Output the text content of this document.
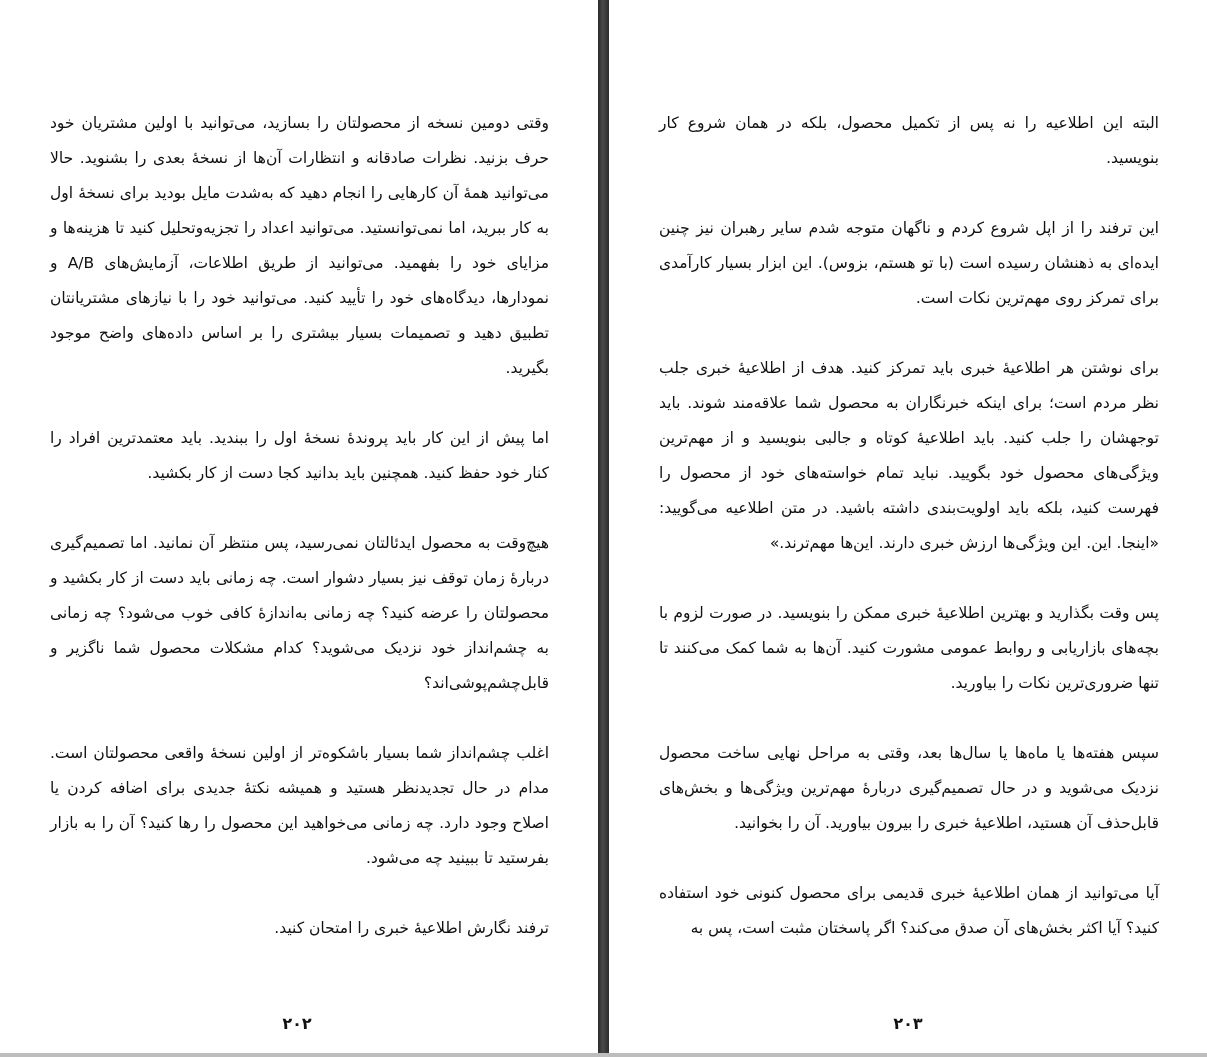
وقتی دومین نسخه از محصولتان را بسازید، می‌توانید با اولین مشتریان خود حرف بزنید. نظرات صادقانه و انتظارات آن‌ها از نسخهٔ بعدی را بشنوید. حالا می‌توانید همهٔ آن کارهایی را انجام دهید که به‌شدت مایل بودید برای نسخهٔ اول به کار ببرید، اما نمی‌توانستید. می‌توانید اعداد را تجزیه‌وتحلیل کنید تا هزینه‌ها و مزایای خود را بفهمید. می‌توانید از طریق اطلاعات، آزمایش‌های A/B و نمودارها، دیدگاه‌های خود را تأیید کنید. می‌توانید خود را با نیازهای مشتریانتان تطبیق دهید و تصمیمات بسیار بیشتری را بر اساس داده‌های واضح موجود بگیرید.

اما پیش از این کار باید پروندهٔ نسخهٔ اول را ببندید. باید معتمدترین افراد را کنار خود حفظ کنید. همچنین باید بدانید کجا دست از کار بکشید.

هیچ‌وقت به محصول ایدئالتان نمی‌رسید، پس منتظر آن نمانید. اما تصمیم‌گیری دربارهٔ زمان توقف نیز بسیار دشوار است. چه زمانی باید دست از کار بکشید و محصولتان را عرضه کنید؟ چه زمانی به‌اندازهٔ کافی خوب می‌شود؟ چه زمانی به چشم‌انداز خود نزدیک می‌شوید؟ کدام مشکلات محصول شما ناگزیر و قابل‌چشم‌پوشی‌اند؟

اغلب چشم‌انداز شما بسیار باشکوه‌تر از اولین نسخهٔ واقعی محصولتان است. مدام در حال تجدیدنظر هستید و همیشه نکتهٔ جدیدی برای اضافه کردن یا اصلاح وجود دارد. چه زمانی می‌خواهید این محصول را رها کنید؟ آن را به بازار بفرستید تا ببینید چه می‌شود.

ترفند نگارش اطلاعیهٔ خبری را امتحان کنید.

۲۰۲

البته این اطلاعیه را نه پس از تکمیل محصول، بلکه در همان شروع کار بنویسید.

این ترفند را از اپل شروع کردم و ناگهان متوجه شدم سایر رهبران نیز چنین ایده‌ای به ذهنشان رسیده است (با تو هستم، بزوس). این ابزار بسیار کارآمدی برای تمرکز روی مهم‌ترین نکات است.

برای نوشتن هر اطلاعیهٔ خبری باید تمرکز کنید. هدف از اطلاعیهٔ خبری جلب نظر مردم است؛ برای اینکه خبرنگاران به محصول شما علاقه‌مند شوند. باید توجهشان را جلب کنید. باید اطلاعیهٔ کوتاه و جالبی بنویسید و از مهم‌ترین ویژگی‌های محصول خود بگویید. نباید تمام خواسته‌های خود از محصول را فهرست کنید، بلکه باید اولویت‌بندی داشته باشید. در متن اطلاعیه می‌گویید: «اینجا. این. این ویژگی‌ها ارزش خبری دارند. این‌ها مهم‌ترند.»

پس وقت بگذارید و بهترین اطلاعیهٔ خبری ممکن را بنویسید. در صورت لزوم با بچه‌های بازاریابی و روابط عمومی مشورت کنید. آن‌ها به شما کمک می‌کنند تا تنها ضروری‌ترین نکات را بیاورید.

سپس هفته‌ها یا ماه‌ها یا سال‌ها بعد، وقتی به مراحل نهایی ساخت محصول نزدیک می‌شوید و در حال تصمیم‌گیری دربارهٔ مهم‌ترین ویژگی‌ها و بخش‌های قابل‌حذف آن هستید، اطلاعیهٔ خبری را بیرون بیاورید. آن را بخوانید.

آیا می‌توانید از همان اطلاعیهٔ خبری قدیمی برای محصول کنونی خود استفاده کنید؟ آیا اکثر بخش‌های آن صدق می‌کند؟ اگر پاسختان مثبت است، پس به

۲۰۳
